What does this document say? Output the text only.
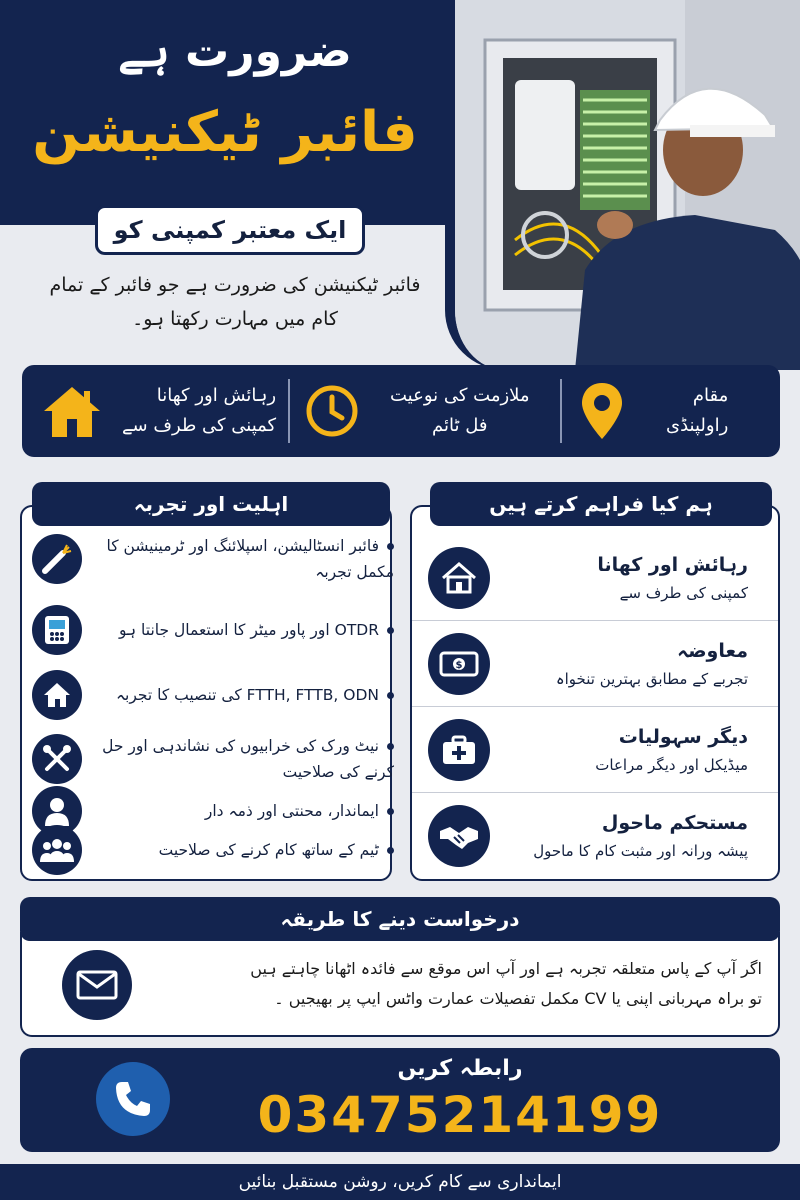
ضرورت ہے
فائبر ٹیکنیشن
ایک معتبر کمپنی کو
فائبر ٹیکنیشن کی ضرورت ہے جو فائبر کے تمام
کام میں مہارت رکھتا ہو۔
رہائش اور کھانا
کمپنی کی طرف سے
ملازمت کی نوعیت
فل ٹائم
مقام
راولپنڈی
فائبر انسٹالیشن، اسپلائنگ اور ٹرمینیشن کا مکمل تجربہ
OTDR اور پاور میٹر کا استعمال جانتا ہو
FTTH, FTTB, ODN کی تنصیب کا تجربہ
نیٹ ورک کی خرابیوں کی نشاندہی اور حل کرنے کی صلاحیت
ایماندار، محنتی اور ذمہ دار
ٹیم کے ساتھ کام کرنے کی صلاحیت
اہلیت اور تجربہ
رہائش اور کھانا
کمپنی کی طرف سے
$
معاوضہ
تجربے کے مطابق بہترین تنخواہ
دیگر سہولیات
میڈیکل اور دیگر مراعات
مستحکم ماحول
پیشہ ورانہ اور مثبت کام کا ماحول
ہم کیا فراہم کرتے ہیں
اگر آپ کے پاس متعلقہ تجربہ ہے اور آپ اس موقع سے فائدہ اٹھانا چاہتے ہیں
تو براہ مہربانی اپنی یا CV مکمل تفصیلات عمارت واٹس ایپ پر بھیجیں ۔
درخواست دینے کا طریقہ
رابطہ کریں
03475214199
ایمانداری سے کام کریں، روشن مستقبل بنائیں
